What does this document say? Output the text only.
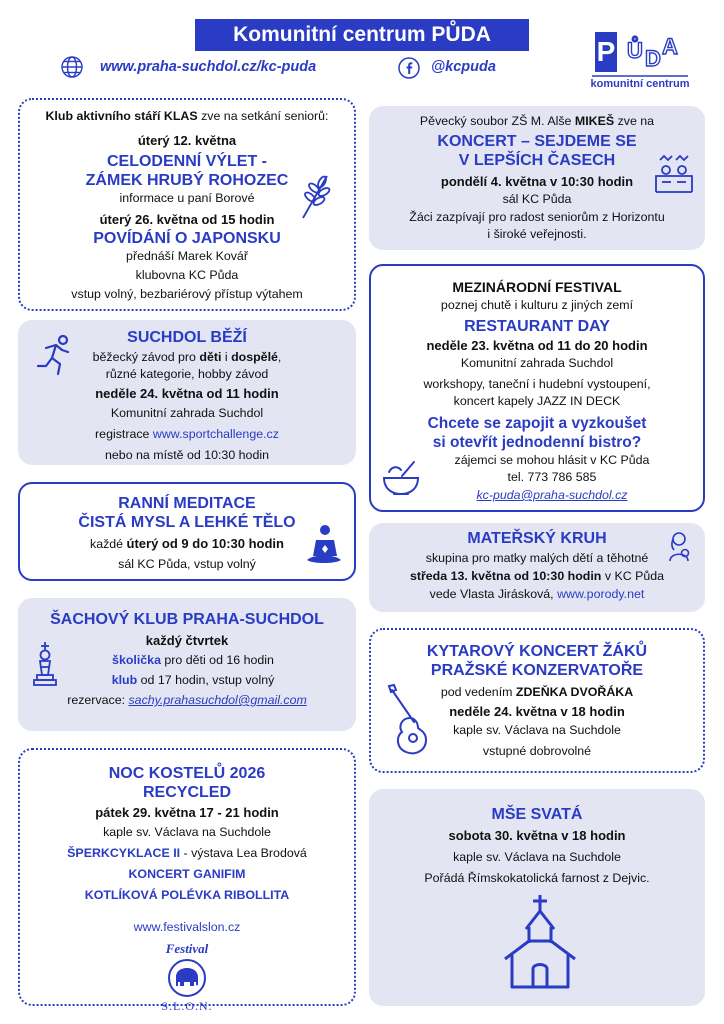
Komunitní centrum PŮDA
www.praha-suchdol.cz/kc-puda	@kcpuda	P Ů D A
komunitní centrum
Klub aktivního stáří KLAS zve na setkání seniorů:
úterý 12. května
CELODENNÍ VÝLET -
ZÁMEK HRUBÝ ROHOZEC
informace u paní Borové
úterý 26. května od 15 hodin
POVÍDÁNÍ O JAPONSKU
přednáší Marek Kovář
klubovna KC Půda
vstup volný, bezbariérový přístup výtahem
Pěvecký soubor ZŠ M. Alše MIKEŠ zve na
KONCERT – SEJDEME SE
V LEPŠÍCH ČASECH
pondělí 4. května v 10:30 hodin
sál KC Půda
Žáci zazpívají pro radost seniorům z Horizontu
i široké veřejnosti.
SUCHDOL BĚŽÍ
běžecký závod pro děti i dospělé,
různé kategorie, hobby závod
neděle 24. května od 11 hodin
Komunitní zahrada Suchdol
registrace www.sportchallenge.cz
nebo na místě od 10:30 hodin
MEZINÁRODNÍ FESTIVAL
poznej chutě i kulturu z jiných zemí
RESTAURANT DAY
neděle 23. května od 11 do 20 hodin
Komunitní zahrada Suchdol
workshopy, taneční i hudební vystoupení,
koncert kapely JAZZ IN DECK
Chcete se zapojit a vyzkoušet
si otevřít jednodenní bistro?
zájemci se mohou hlásit v KC Půda
tel. 773 786 585
kc-puda@praha-suchdol.cz
RANNÍ MEDITACE
ČISTÁ MYSL A LEHKÉ TĚLO
každé úterý od 9 do 10:30 hodin
sál KC Půda, vstup volný
MATEŘSKÝ KRUH
skupina pro matky malých dětí a těhotné
středa 13. května od 10:30 hodin v KC Půda
vede Vlasta Jirásková, www.porody.net
ŠACHOVÝ KLUB PRAHA-SUCHDOL
každý čtvrtek
školička pro děti od 16 hodin
klub od 17 hodin, vstup volný
rezervace: sachy.prahasuchdol@gmail.com
KYTAROVÝ KONCERT ŽÁKŮ
PRAŽSKÉ KONZERVATOŘE
pod vedením ZDEŇKA DVOŘÁKA
neděle 24. května v 18 hodin
kaple sv. Václava na Suchdole
vstupné dobrovolné
NOC KOSTELŮ 2026
RECYCLED
pátek 29. května 17 - 21 hodin
kaple sv. Václava na Suchdole
ŠPERKCYKLACE II - výstava Lea Brodová
KONCERT GANIFIM
KOTLÍKOVÁ POLÉVKA RIBOLLITA
www.festivalslon.cz
Festival
S.L.O.N.
MŠE SVATÁ
sobota 30. května v 18 hodin
kaple sv. Václava na Suchdole
Pořádá Římskokatolická farnost z Dejvic.
